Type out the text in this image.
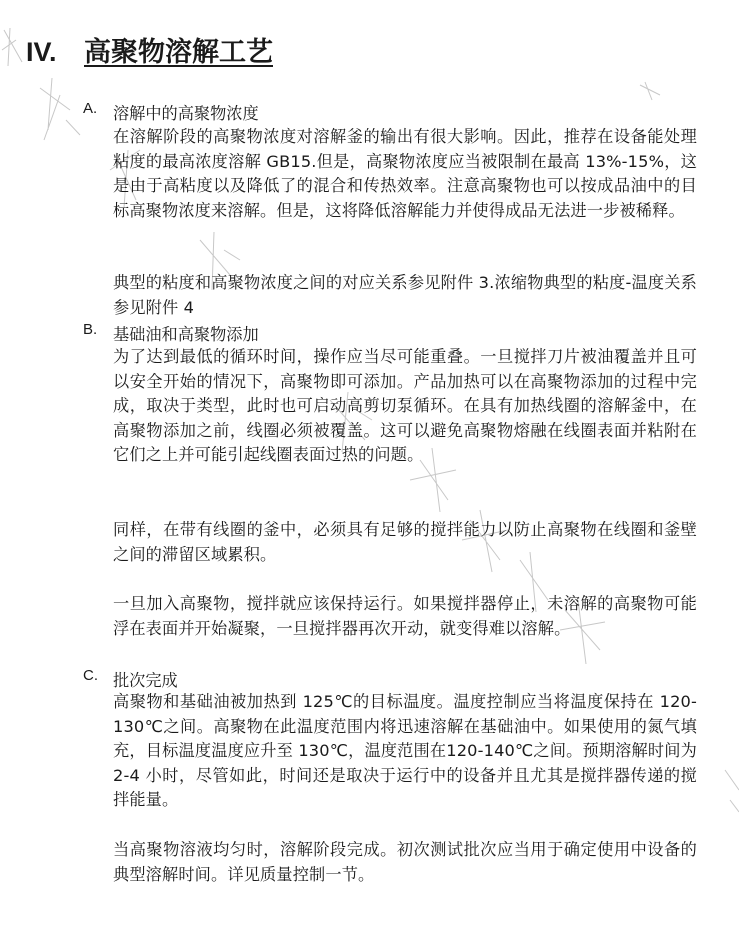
IV. 高聚物溶解工艺
A. 溶解中的高聚物浓度

在溶解阶段的高聚物浓度对溶解釜的输出有很大影响。因此，推荐在设备能处理粘度的最高浓度溶解 GB15.但是，高聚物浓度应当被限制在最高 13%-15%，这是由于高粘度以及降低了的混合和传热效率。注意高聚物也可以按成品油中的目标高聚物浓度来溶解。但是，这将降低溶解能力并使得成品无法进一步被稀释。

典型的粘度和高聚物浓度之间的对应关系参见附件 3.浓缩物典型的粘度-温度关系参见附件 4

B. 基础油和高聚物添加

为了达到最低的循环时间，操作应当尽可能重叠。一旦搅拌刀片被油覆盖并且可以安全开始的情况下，高聚物即可添加。产品加热可以在高聚物添加的过程中完成，取决于类型，此时也可启动高剪切泵循环。在具有加热线圈的溶解釜中，在高聚物添加之前，线圈必须被覆盖。这可以避免高聚物熔融在线圈表面并粘附在它们之上并可能引起线圈表面过热的问题。

同样，在带有线圈的釜中，必须具有足够的搅拌能力以防止高聚物在线圈和釜壁之间的滞留区域累积。

一旦加入高聚物，搅拌就应该保持运行。如果搅拌器停止，未溶解的高聚物可能浮在表面并开始凝聚，一旦搅拌器再次开动，就变得难以溶解。

C. 批次完成

高聚物和基础油被加热到 125℃的目标温度。温度控制应当将温度保持在 120-130℃之间。高聚物在此温度范围内将迅速溶解在基础油中。如果使用的氮气填充，目标温度温度应升至 130℃，温度范围在120-140℃之间。预期溶解时间为 2-4 小时，尽管如此，时间还是取决于运行中的设备并且尤其是搅拌器传递的搅拌能量。

当高聚物溶液均匀时，溶解阶段完成。初次测试批次应当用于确定使用中设备的典型溶解时间。详见质量控制一节。
